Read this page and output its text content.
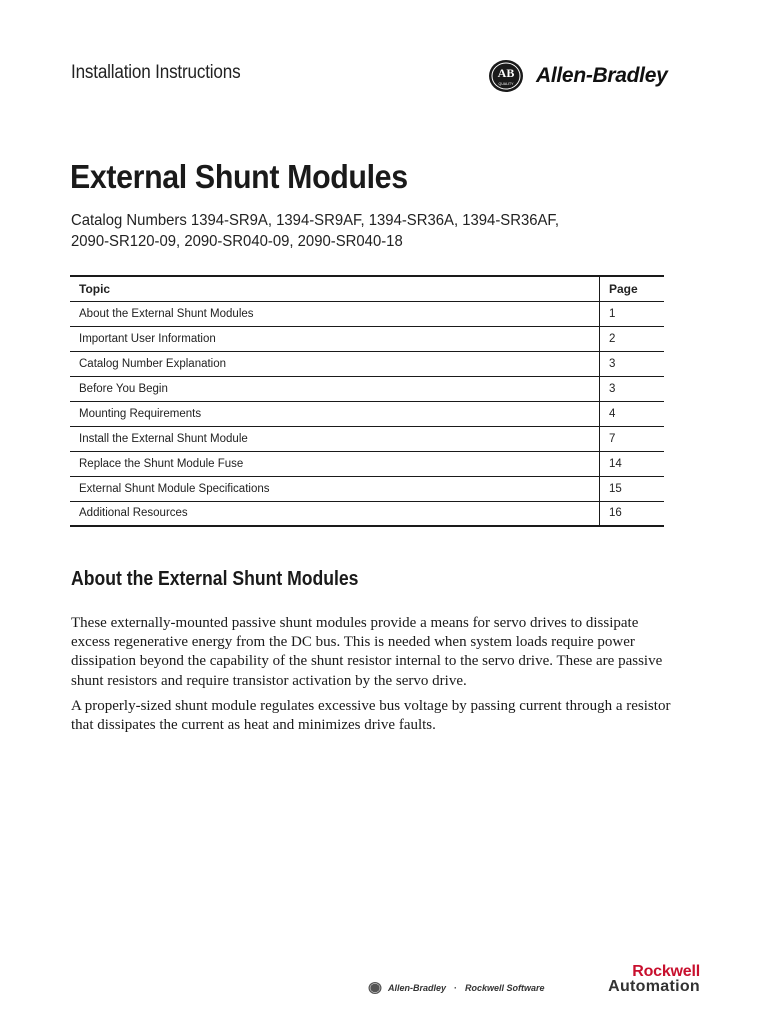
Installation Instructions	AB
QUALITY Allen-Bradley
External Shunt Modules
Catalog Numbers 1394-SR9A, 1394-SR9AF, 1394-SR36A, 1394-SR36AF,
2090-SR120-09, 2090-SR040-09, 2090-SR040-18
Topic	Page
About the External Shunt Modules	1
Important User Information	2
Catalog Number Explanation	3
Before You Begin	3
Mounting Requirements	4
Install the External Shunt Module	7
Replace the Shunt Module Fuse	14
External Shunt Module Specifications	15
Additional Resources	16
About the External Shunt Modules

These externally-mounted passive shunt modules provide a means for servo drives to dissipate excess regenerative energy from the DC bus. This is needed when system loads require power dissipation beyond the capability of the shunt resistor internal to the servo drive. These are passive shunt resistors and require transistor activation by the servo drive.

A properly-sized shunt module regulates excessive bus voltage by passing current through a resistor that dissipates the current as heat and minimizes drive faults.

Allen-Bradley · Rockwell Software
Rockwell
Automation
